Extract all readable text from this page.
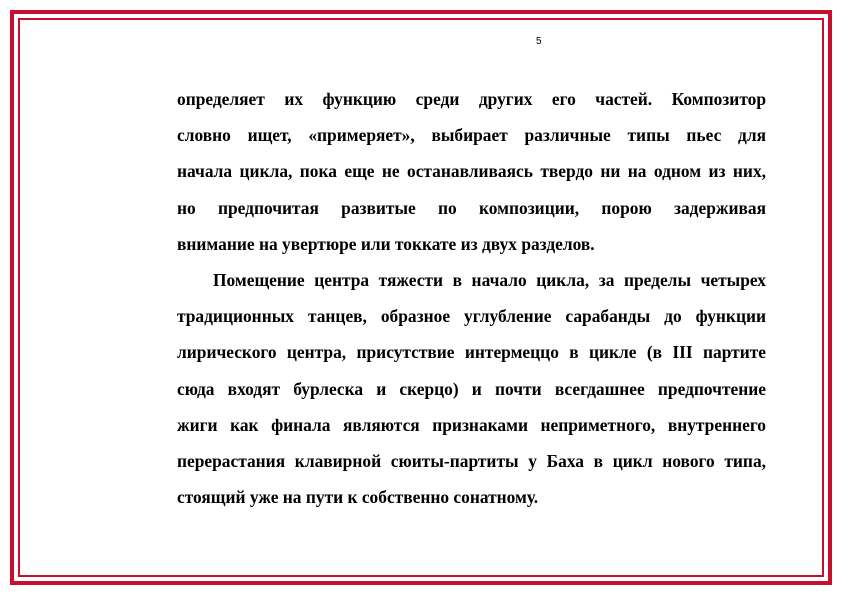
5
определяет их функцию среди других его частей. Композитор
словно ищет, «примеряет», выбирает различные типы пьес для
начала цикла, пока еще не останавливаясь твердо ни на одном из них,
но предпочитая развитые по композиции, порою задерживая
внимание на увертюре или токкате из двух разделов.
Помещение центра тяжести в начало цикла, за пределы четырех
традиционных танцев, образное углубление сарабанды до функции
лирического центра, присутствие интермеццо в цикле (в III партите
сюда входят бурлеска и скерцо) и почти всегдашнее предпочтение
жиги как финала являются признаками неприметного, внутреннего
перерастания клавирной сюиты-партиты у Баха в цикл нового типа,
стоящий уже на пути к собственно сонатному.
